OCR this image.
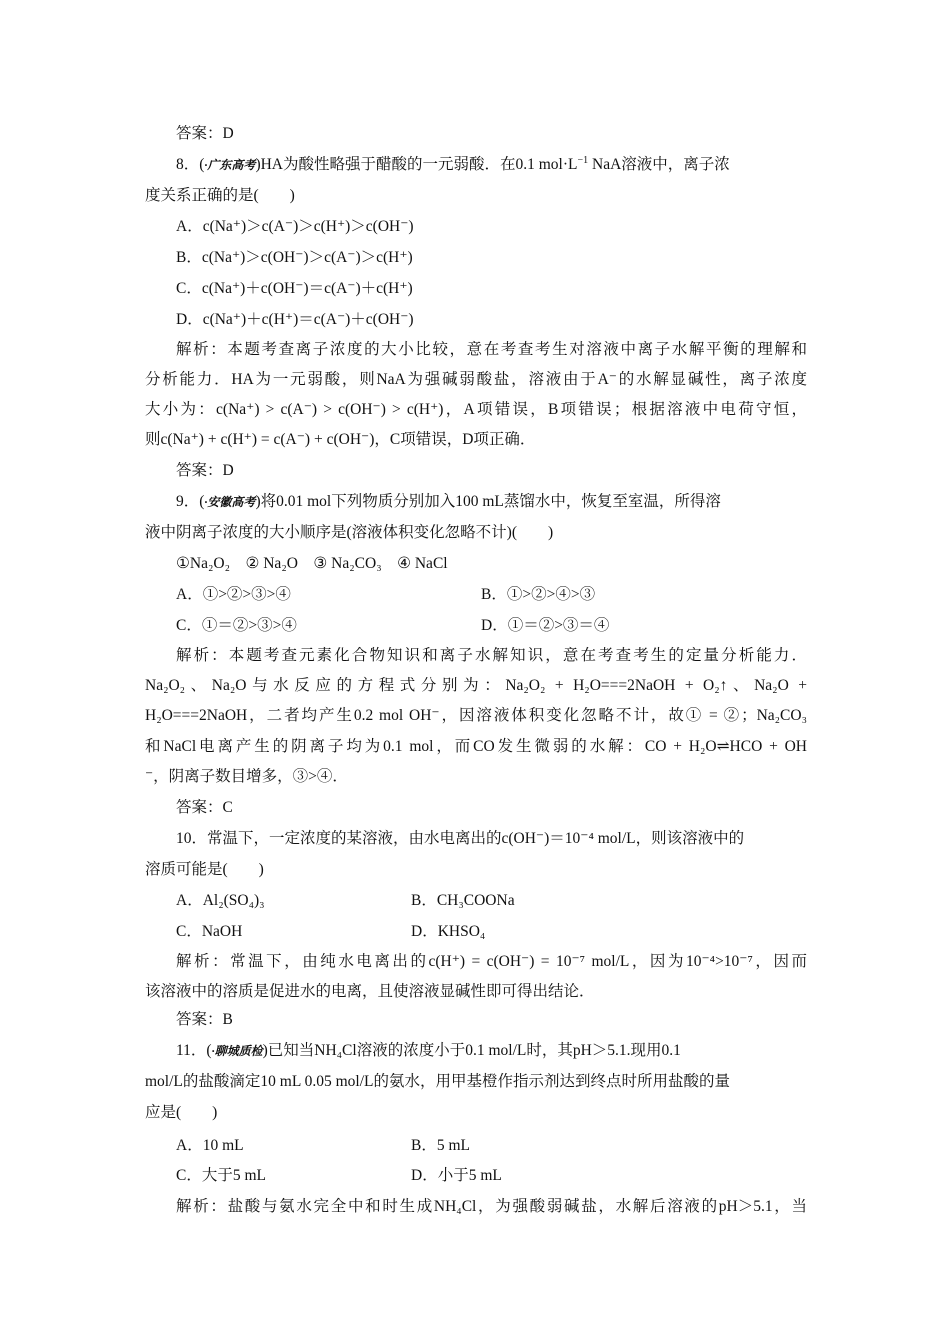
答案：D
8．(·广东高考)HA为酸性略强于醋酸的一元弱酸．在0.1 $mol\cdot L^{-1}$ NaA溶液中，离子浓
度关系正确的是(　　)
A．c(Na⁺)＞c(A⁻)＞c(H⁺)＞c(OH⁻)
B．c(Na⁺)＞c(OH⁻)＞c(A⁻)＞c(H⁺)
C．c(Na⁺)＋c(OH⁻)＝c(A⁻)＋c(H⁺)
D．c(Na⁺)＋c(H⁺)＝c(A⁻)＋c(OH⁻)
解析：本题考查离子浓度的大小比较，意在考查考生对溶液中离子水解平衡的理解和
分析能力．HA为一元弱酸，则NaA为强碱弱酸盐，溶液由于A⁻的水解显碱性，离子浓度
大小为：c(Na⁺) > c(A⁻) > c(OH⁻) > c(H⁺)，A项错误，B项错误；根据溶液中电荷守恒，
则c(Na⁺) + c(H⁺) = c(A⁻) + c(OH⁻)，C项错误，D项正确．
答案：D
9．(·安徽高考)将0.01 mol下列物质分别加入100 mL蒸馏水中，恢复至室温，所得溶
液中阴离子浓度的大小顺序是(溶液体积变化忽略不计)(　　)
①Na₂O₂　② Na₂O　③ Na₂CO₃　④ NaCl
A．①>②>③>④	B．①>②>④>③
C．①＝②>③>④	D．①＝②>③＝④
解析：本题考查元素化合物知识和离子水解知识，意在考查考生的定量分析能力．
Na₂O₂、Na₂O与水反应的方程式分别为：Na₂O₂ + H₂O===2NaOH + O₂↑、Na₂O +
H₂O===2NaOH，二者均产生0.2 mol OH⁻，因溶液体积变化忽略不计，故① = ②；Na₂CO₃
和NaCl电离产生的阴离子均为0.1 mol，而CO发生微弱的水解：CO + H₂O⇌HCO + OH
⁻，阴离子数目增多，③>④．
答案：C
10．常温下，一定浓度的某溶液，由水电离出的c(OH⁻)＝10⁻⁴ mol/L，则该溶液中的
溶质可能是(　　)
A．Al₂(SO₄)₃	B．CH₃COONa
C．NaOH	D．KHSO₄
解析：常温下，由纯水电离出的c(H⁺) = c(OH⁻) = 10⁻⁷ mol/L，因为10⁻⁴>10⁻⁷，因而
该溶液中的溶质是促进水的电离，且使溶液显碱性即可得出结论．
答案：B
11．(·聊城质检)已知当NH₄Cl溶液的浓度小于0.1 mol/L时，其pH＞5.1.现用0.1
mol/L的盐酸滴定10 mL 0.05 mol/L的氨水，用甲基橙作指示剂达到终点时所用盐酸的量
应是(　　)
A．10 mL	B．5 mL
C．大于5 mL	D．小于5 mL
解析：盐酸与氨水完全中和时生成NH₄Cl，为强酸弱碱盐，水解后溶液的pH＞5.1，当
